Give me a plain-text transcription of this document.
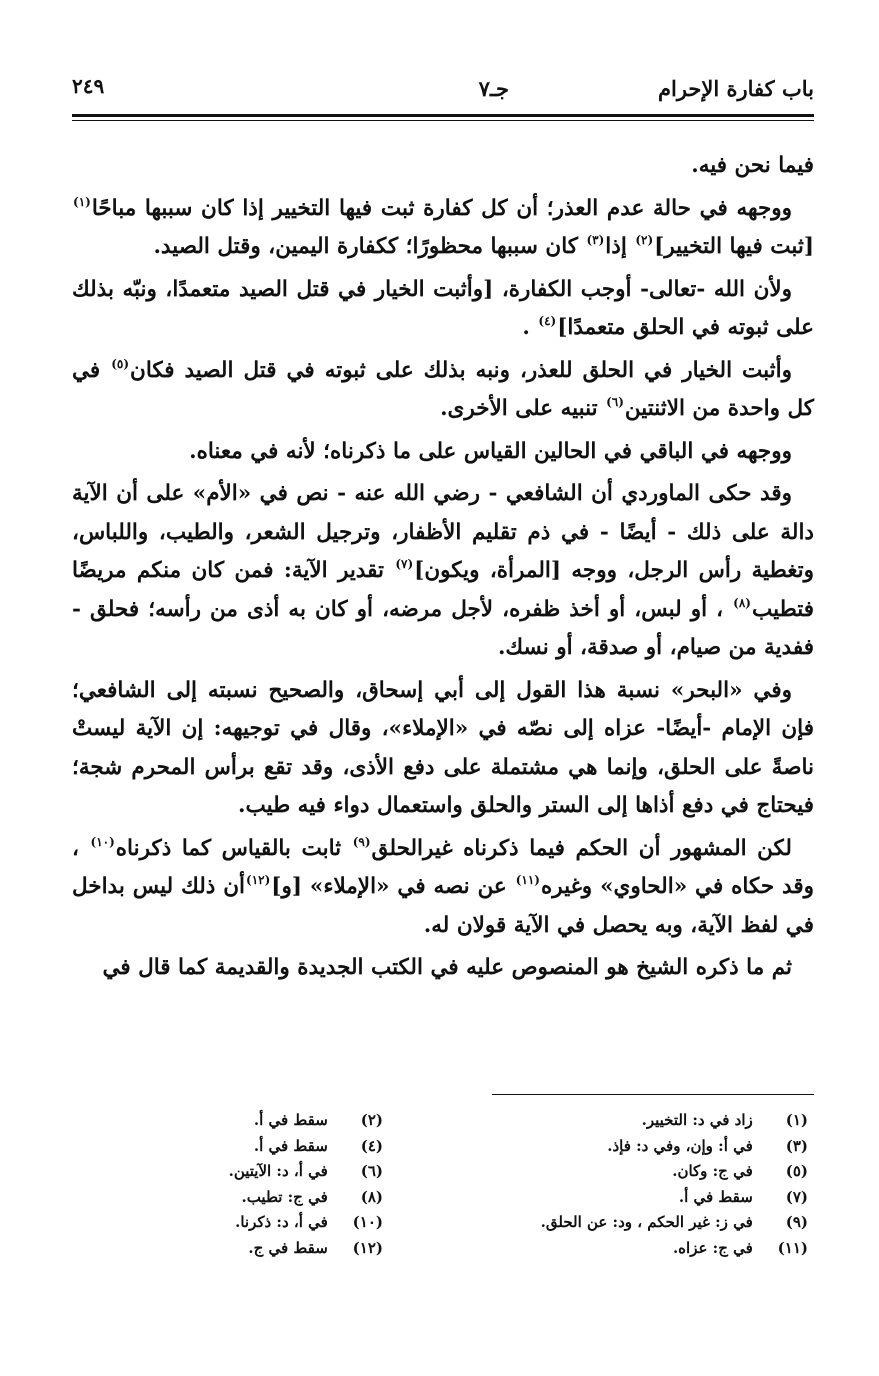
باب كفارة الإحرام
جـ٧
٢٤٩

فيما نحن فيه.

ووجهه في حالة عدم العذر؛ أن كل كفارة ثبت فيها التخيير إذا كان سببها مباحًا$^{(١)}$ [ثبت فيها التخيير]$^{(٢)}$ إذا$^{(٣)}$ كان سببها محظورًا؛ ككفارة اليمين، وقتل الصيد.

ولأن الله -تعالى- أوجب الكفارة، [وأثبت الخيار في قتل الصيد متعمدًا، ونبّه بذلك على ثبوته في الحلق متعمدًا]$^{(٤)}$ .

وأثبت الخيار في الحلق للعذر، ونبه بذلك على ثبوته في قتل الصيد فكان$^{(٥)}$ في كل واحدة من الاثنتين$^{(٦)}$ تنبيه على الأخرى.

ووجهه في الباقي في الحالين القياس على ما ذكرناه؛ لأنه في معناه.

وقد حكى الماوردي أن الشافعي - رضي الله عنه - نص في «الأم» على أن الآية دالة على ذلك - أيضًا - في ذم تقليم الأظفار، وترجيل الشعر، والطيب، واللباس، وتغطية رأس الرجل، ووجه [المرأة، ويكون]$^{(٧)}$ تقدير الآية: فمن كان منكم مريضًا فتطيب$^{(٨)}$ ، أو لبس، أو أخذ ظفره، لأجل مرضه، أو كان به أذى من رأسه؛ فحلق - ففدية من صيام، أو صدقة، أو نسك.

وفي «البحر» نسبة هذا القول إلى أبي إسحاق، والصحيح نسبته إلى الشافعي؛ فإن الإمام -أيضًا- عزاه إلى نصّه في «الإملاء»، وقال في توجيهه: إن الآية ليستْ ناصةً على الحلق، وإنما هي مشتملة على دفع الأذى، وقد تقع برأس المحرم شجة؛ فيحتاج في دفع أذاها إلى الستر والحلق واستعمال دواء فيه طيب.

لكن المشهور أن الحكم فيما ذكرناه غيرالحلق$^{(٩)}$ ثابت بالقياس كما ذكرناه$^{(١٠)}$ ، وقد حكاه في «الحاوي» وغيره$^{(١١)}$ عن نصه في «الإملاء» [و]$^{(١٢)}$أن ذلك ليس بداخل في لفظ الآية، وبه يحصل في الآية قولان له.

ثم ما ذكره الشيخ هو المنصوص عليه في الكتب الجديدة والقديمة كما قال في

(١) زاد في د: التخيير.
(٢) سقط في أ.
(٣) في أ: وإن، وفي د: فإذ.
(٤) سقط في أ.
(٥) في ج: وكان.
(٦) في أ، د: الآيتين.
(٧) سقط في أ.
(٨) في ج: تطيب.
(٩) في ز: غير الحكم ، ود: عن الحلق.
(١٠) في أ، د: ذكرنا.
(١١) في ج: عزاه.
(١٢) سقط في ج.
